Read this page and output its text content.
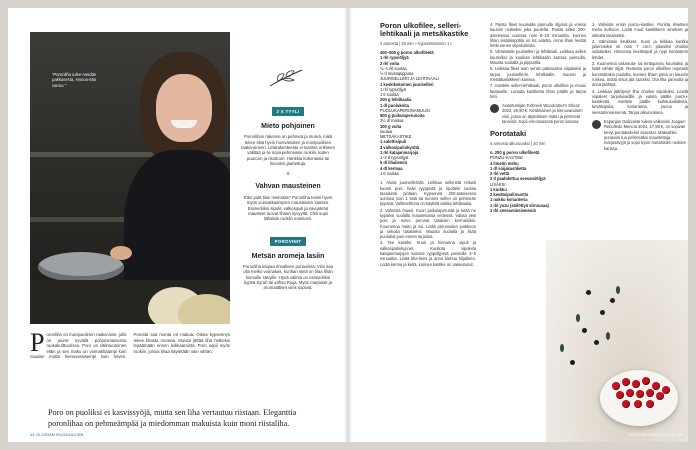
”Poronliha tulee meidän pakkasesta, Hanna-Mia sanoo.”
P oronliha on monipuolinen raaka-aine, jolla on juuret syvällä pohjoismaisessa ruokakulttuurissa. Poro on välimuotoinen eläin ja sen maku on voimakkaampi kuin naudan mutta hienovaraisempi kuin hirven. Porosta saa monta eri makua. Oikea kypsennys tekee lihasta mureaa. Muista jättää liha hetkeksi lepäämään ennen leikkaamista. Poro sopii myös ruokiin, joissa lihaa käytetään vain vähän.
Poro on puoliksi ei kasvissyöjä, mutta sen liha vertautuu riistaan. Eleganttia poronlihaa on pehmeämpää ja miedomman makuista kuin moni riistaliha.
44 GLORIAN RUOKA&VIINI
2 X TYYLI
Mieto pohjoinen

Poronlihan rakenne on pehmeä ja mureä, mikä tekee siitä hyvin hienvaraisen ja monipuolisen raaka-aineen. Liharakenteesta ei tarvitse erikseen välittää ja se sopii pehmeisiin ruokiin, kuten puuroon ja risottoon. Hankkia kokonaisia tai hienoksi jauhettuja.

✦
Vahvan mausteinen

Etkö pidä liian mietoista? Poronliha toimii hyvin myös voimakkaampien mausteiden kanssa. Esimerkiksi sipulit, valkosipuli ja savustetut mausteet tuovat lihaan syvyyttä. Chili sopii tällaisiin ruokiin mainiosti.

POROVINIT
Metsän aromeja lasiin

Poronliha kaipaa rinnalleen punaviiniä. Viini saa olla melko voimakas, kunhan siinä on tilaa lihan hienoille sävyille. Hyvä valinta on esimerkiksi kypsä Syrah tai vahva Rioja. Myös marjaiset ja aromaattiset viinit sopivat.

Poron ulkofilee, selleri-lehtikaali ja metsäkastike
4 annosta | 30 min + kypsentäminen 1 t
400–500 g poron ulkofileetä
1 rkl rypsiöljyä
2 rkl voita
½–1 rkl suolaa
½ tl mustapippuria
JUURISELLERI JA LEHTIKAALI
1 keskikokoinen juuriselleri
1 rkl rypsiöljyä
1 tl suolaa
200 g lehtikaalia
1 dl puolukoita
PUOLUKAPERUNAMUUSI
500 g puikulaperunoita
2½ dl maitoa
100 g voita
suolaa
METSÄKASTIKE
1 salottisipuli
3 valkosipulinkynttä
1 rkl katajanmarjoja
1–2 tl rypsiöljyä
5 dl lihaliemiä
4 dl kermaa
1 tl suolaa

1. Aloita juuriselleristä. Leikkaa selleristä reilusti kuoret pois, halvi ryyppistä ja ripottele suolaa tasaisesti pintaan. Kypsennä 200-asteisessa uunissa noin 1 tunti tai kunnes selleri on pehmeän kypsää. Vaihtoehtona on käyttää vaikka lehtikaalia.

2. Valmista muusi. Kuori puikulaperunat ja keitä ne kypsiksi suolalla maustetussa vedessä. Valuta vesi pois ja survo perunat tasaisen kermaisiksi. Kuumenna maito ja voi. Lisää perunoiden joukkoon ja sekoita tasaiseksi. Mausta suolalla ja lisää puolukat juuri ennen tarjoilua.

3. Tee kastike. Kuori ja hienonna sipuli ja valkosipulinkynnet. Kuullota sipuleita katajanmarjojen kanssa ryppiöljyssä pannulla 3–5 minuuttia. Lisää liha-liemi ja anna kiehua hiljalleen. Lisää kerma ja keitä, kunnes kastike on sakeutunut.

4. Paista fileet kuumalla pannulla öljyssä ja voissa kauniin ruskeiksi joka puolelta. Paista sitten 200-asteisessa uunissa noin 8–10 minuuttia, kunnes lihan sisälämpötila on 54 astetta. Anna lihan levätä hetki ennen viipaloimista.

5. Viimeistele juuriselleri ja lehtikaali. Leikkaa selleri kuutioiksi ja kuullota lehtikaalin kanssa pannulla. Mausta suolalla ja pippurilla.

6. Leikkaa fileet noin sentin paksuisiksi viipaleiksi ja tarjoa juurisellerin, lehtikaalin, muusin ja metsäkastikkeen kanssa.

7. Asettele selleri-lehtikaali, poron ulkofilee ja muusi lautaselle. Lorauta kastiketta lihan päälle ja tarjoa heti.

Asiantuntijan Torbreck Woodcutter's Shiraz 2022, 29,90 €. Kirsikkainen ja hienovarainen viini, jossa on täyteläinen maku ja pehmeät tanniinit. Sopii erinomaisesti poron kanssa.
Porotataki
4 annosta alkuruoaksi | 30 min
n. 200 g poron ulkofileetä
PONZU-KASTIKE
4 limetin mehu
1 dl soijakastiketta
2 rkl vettä
2 tl paahdettua seesamiöljyä
LISÄKSI
1 kurkku
2 kevätsipulinvartta
1 nukku korianteria
1 rkl yuzu (säilöttyä sitruunaa)
1 rkl seesaminsiemeniä

1. Valmista ensin ponzu-kastike. Purista limettien mehu kulhoon. Lisää muut kastikkeen ainekset ja sekoita tasaiseksi.

2. Valmistele lisukkeet. Kuori ja leikkaa kurkku julienneiksi eli noin 7 cm:n pituisiksi ohuiksi suikaleiksi. Hienonna kevätsipuli ja nypi korianterin lehdet.

3. Kuumenna valurauta- tai teräspannu kuumaksi ja lisää vähän öljyä. Ruskista poron ulkofilee nopeasti kummaltakin puolelta, kunnes liham pinta on kauniin ruskea, mutta sisus jää raa'aksi. Ota liha pannulta ja anna jäähtyä.

4. Leikkaa jäähtynyt liha ohuiksi viipaleiksi. Levitä viipaleet tarjoiluvadille ja valuta päälle ponzu-kastiketta. Asettele päälle kurkkusuikaleita, kevätsipulia, korianteria, yuzua ja seesaminsiemeniä. Tarjoa alkuruokana.

Espanjan Galiciasta tuleva valkoviini Joaquin Rebolledo Mencía 2024, 17,98 €, on sopivan kevyt porotataki-kin seuraksi. Makeahko punaviini tuo pehmeäksi maustettuja marjasävyjä ja sopii hyvin metsäisten ruokien kanssa.
GLORIAN RUOKA&VIINI 45
